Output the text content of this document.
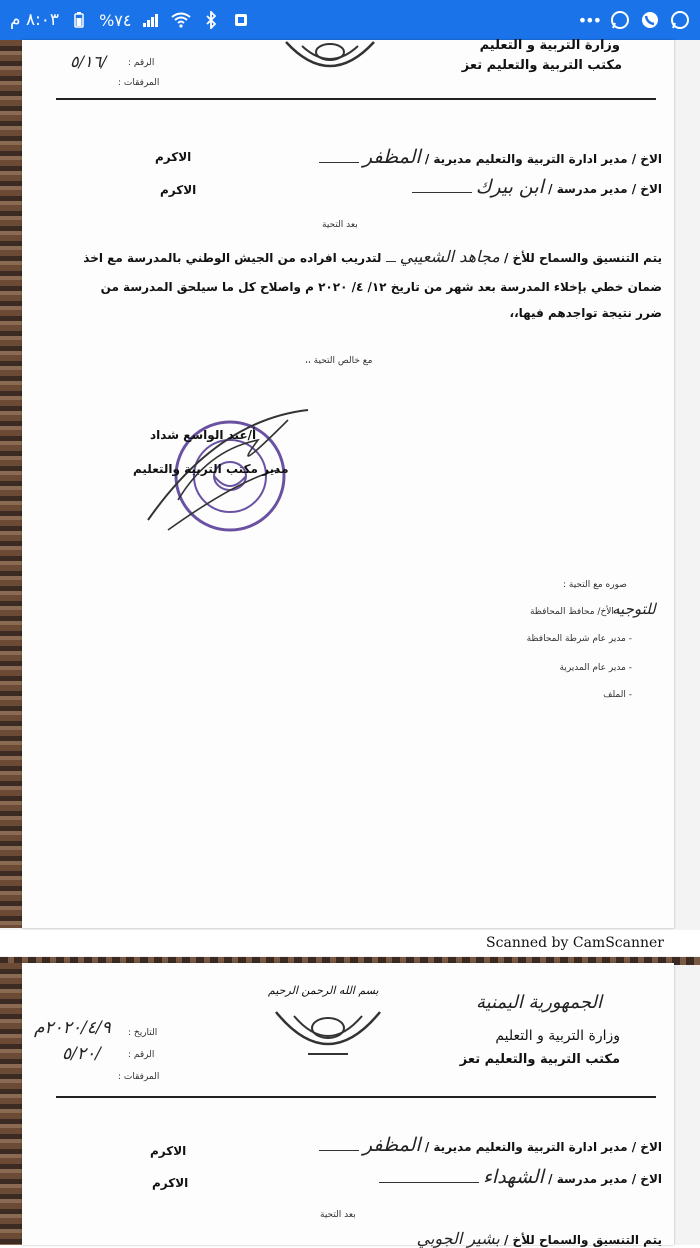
٨:٠٣ م	%٧٤	•••
وزارة التربية و التعليم
مكتب التربية والتعليم تعز
الرقم :
٥/١٦/
المرفقات :
الاخ / مدير ادارة التربية والتعليم مديرية / المظفر
الاكرم
الاخ / مدير مدرسة / ابن بيرك
الاكرم
بعد التحية
يتم التنسيق والسماح للأخ / مجاهد الشعيبي  لتدريب افراده من الجيش الوطني بالمدرسة مع اخذ
ضمان خطي بإخلاء المدرسة بعد شهر من تاريخ ١٢/ ٤/ ٢٠٢٠ م واصلاح كل ما سيلحق المدرسة من
ضرر نتيجة تواجدهم فيها،،
مع خالص التحية ،،
أ/عبد الواسع شداد
مدير مكتب التربية والتعليم
صوره مع التحية :
للتوجيه
- الأخ/ محافظ المحافظة
- مدير عام شرطة المحافظة
- مدير عام المديرية
- الملف
Scanned by CamScanner
بسم الله الرحمن الرحيم
الجمهورية اليمنية
وزارة التربية و التعليم
مكتب التربية والتعليم تعز
التاريخ :
٢٠٢٠/٤/٩م
الرقم :
٥/٢٠/
المرفقات :
الاخ / مدير ادارة التربية والتعليم مديرية / المظفر
الاكرم
الاخ / مدير مدرسة / الشهداء
الاكرم
بعد التحية
يتم التنسيق والسماح للأخ / بشير الجوبي
